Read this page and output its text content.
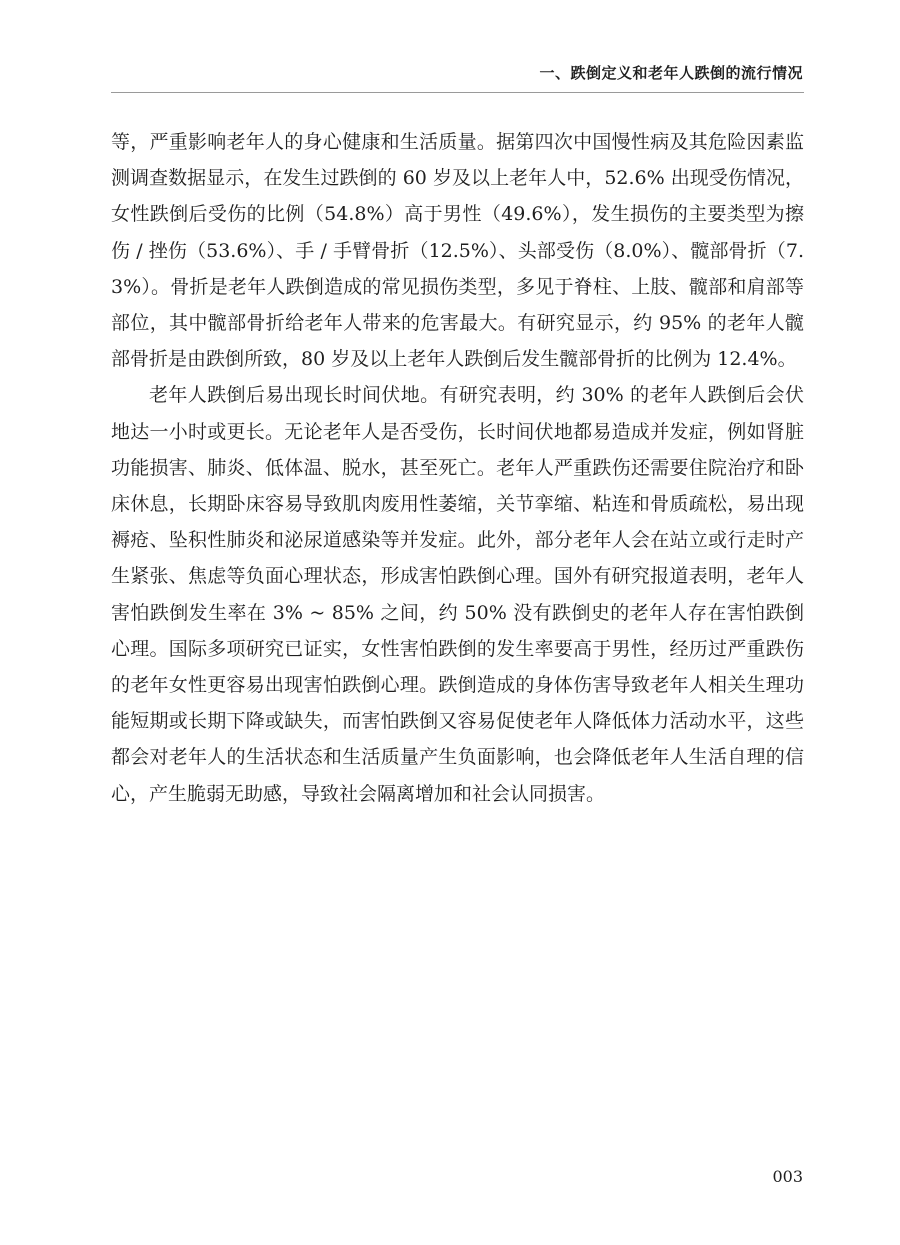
一、跌倒定义和老年人跌倒的流行情况

等，严重影响老年人的身心健康和生活质量。据第四次中国慢性病及其危险因素监测调查数据显示，在发生过跌倒的 60 岁及以上老年人中，52.6% 出现受伤情况，女性跌倒后受伤的比例（54.8%）高于男性（49.6%），发生损伤的主要类型为擦伤 / 挫伤（53.6%）、手 / 手臂骨折（12.5%）、头部受伤（8.0%）、髋部骨折（7.3%）。骨折是老年人跌倒造成的常见损伤类型，多见于脊柱、上肢、髋部和肩部等部位，其中髋部骨折给老年人带来的危害最大。有研究显示，约 95% 的老年人髋部骨折是由跌倒所致，80 岁及以上老年人跌倒后发生髋部骨折的比例为 12.4%。

老年人跌倒后易出现长时间伏地。有研究表明，约 30% 的老年人跌倒后会伏地达一小时或更长。无论老年人是否受伤，长时间伏地都易造成并发症，例如肾脏功能损害、肺炎、低体温、脱水，甚至死亡。老年人严重跌伤还需要住院治疗和卧床休息，长期卧床容易导致肌肉废用性萎缩，关节挛缩、粘连和骨质疏松，易出现褥疮、坠积性肺炎和泌尿道感染等并发症。此外，部分老年人会在站立或行走时产生紧张、焦虑等负面心理状态，形成害怕跌倒心理。国外有研究报道表明，老年人害怕跌倒发生率在 3% ~ 85% 之间，约 50% 没有跌倒史的老年人存在害怕跌倒心理。国际多项研究已证实，女性害怕跌倒的发生率要高于男性，经历过严重跌伤的老年女性更容易出现害怕跌倒心理。跌倒造成的身体伤害导致老年人相关生理功能短期或长期下降或缺失，而害怕跌倒又容易促使老年人降低体力活动水平，这些都会对老年人的生活状态和生活质量产生负面影响，也会降低老年人生活自理的信心，产生脆弱无助感，导致社会隔离增加和社会认同损害。

003
